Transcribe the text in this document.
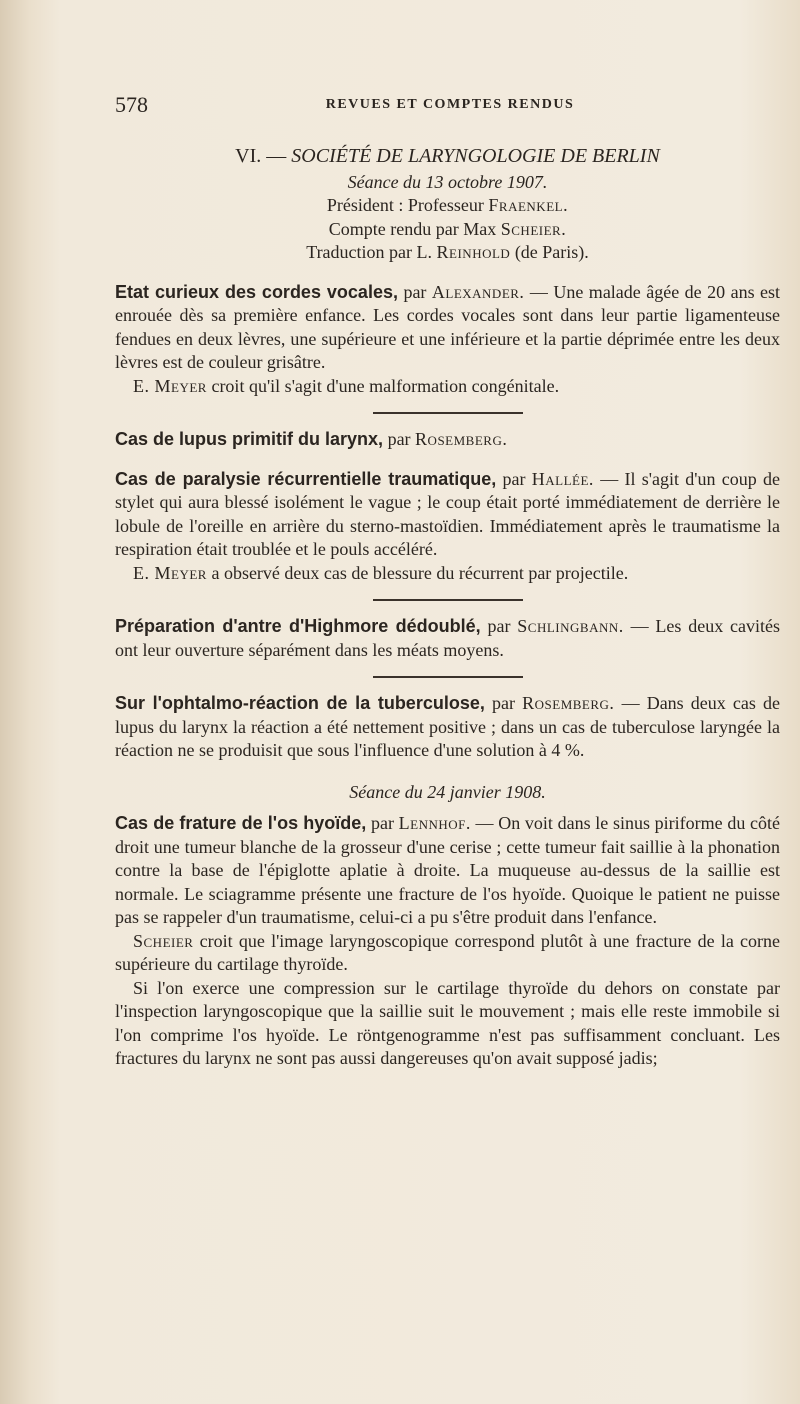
578	REVUES ET COMPTES RENDUS
VI. — SOCIÉTÉ DE LARYNGOLOGIE DE BERLIN

Séance du 13 octobre 1907.

Président : Professeur Fraenkel.

Compte rendu par Max Scheier.

Traduction par L. Reinhold (de Paris).

Etat curieux des cordes vocales, par Alexander. — Une malade âgée de 20 ans est enrouée dès sa première enfance. Les cordes vocales sont dans leur partie ligamenteuse fendues en deux lèvres, une supérieure et une inférieure et la partie déprimée entre les deux lèvres est de couleur grisâtre.

E. Meyer croit qu'il s'agit d'une malformation congénitale.

Cas de lupus primitif du larynx, par Rosemberg.

Cas de paralysie récurrentielle traumatique, par Hallée. — Il s'agit d'un coup de stylet qui aura blessé isolément le vague ; le coup était porté immédiatement de derrière le lobule de l'oreille en arrière du sterno-mastoïdien. Immédiatement après le traumatisme la respiration était troublée et le pouls accéléré.

E. Meyer a observé deux cas de blessure du récurrent par projectile.

Préparation d'antre d'Highmore dédoublé, par Schlingbann. — Les deux cavités ont leur ouverture séparément dans les méats moyens.

Sur l'ophtalmo-réaction de la tuberculose, par Rosemberg. — Dans deux cas de lupus du larynx la réaction a été nettement positive ; dans un cas de tuberculose laryngée la réaction ne se produisit que sous l'influence d'une solution à 4 %.

Séance du 24 janvier 1908.

Cas de frature de l'os hyoïde, par Lennhof. — On voit dans le sinus piriforme du côté droit une tumeur blanche de la grosseur d'une cerise ; cette tumeur fait saillie à la phonation contre la base de l'épiglotte aplatie à droite. La muqueuse au-dessus de la saillie est normale. Le sciagramme présente une fracture de l'os hyoïde. Quoique le patient ne puisse pas se rappeler d'un traumatisme, celui-ci a pu s'être produit dans l'enfance.

Scheier croit que l'image laryngoscopique correspond plutôt à une fracture de la corne supérieure du cartilage thyroïde.

Si l'on exerce une compression sur le cartilage thyroïde du dehors on constate par l'inspection laryngoscopique que la saillie suit le mouvement ; mais elle reste immobile si l'on comprime l'os hyoïde. Le röntgenogramme n'est pas suffisamment concluant. Les fractures du larynx ne sont pas aussi dangereuses qu'on avait supposé jadis;
